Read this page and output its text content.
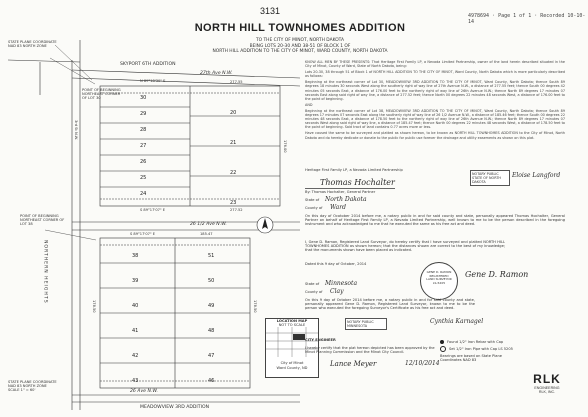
3131	4978694 · Page 1 of 1 · Recorded 10-10-14
NORTH HILL TOWNHOMES ADDITION
TO THE CITY OF MINOT, NORTH DAKOTA
BEING LOTS 20-30 AND 38-51 OF BLOCK 1 OF
NORTH HILL ADDITION TO THE CITY OF MINOT, WARD COUNTY, NORTH DAKOTA
STATE PLANE COORDINATE
NAD 83 NORTH ZONE
SKYPORT 6TH ADDITION
27th Ave N.W.
26 1/2 Ave N.W.
26 Ave N.W.
MEADOWVIEW 3RD ADDITION
NORTHERN HEIGHTS
3rd St N.W.
POINT OF BEGINNING
NORTHEAST CORNER OF LOT 30
POINT OF BEGINNING
NORTHEAST CORNER OF LOT 38
STATE PLANE COORDINATE
NAD 83 NORTH ZONE
SCALE 1" = 60'
N 89°18'30" E	277.55
S 89°17'07" E	277.52
S 89°17'07" E	185.47
176.00
178.50	178.50
30
29
28
27
26
25
24
20
21
22
23
38
39
40
41
42
43
51
50
49
48
47
46
LOCATION MAP
NOT TO SCALE
City of Minot
Ward County, ND

KNOW ALL MEN BY THESE PRESENTS: That Heritage First Family LP, a Nevada Limited Partnership, owner of the land herein described situated in the City of Minot, County of Ward, State of North Dakota, being:

Lots 20-30, 38 through 51 of Block 1 of NORTH HILL ADDITION TO THE CITY OF MINOT, Ward County, North Dakota which is more particularly described as follows:

Beginning at the northeast corner of Lot 30, MEADOWVIEW 3RD ADDITION TO THE CITY OF MINOT, Ward County, North Dakota; thence South 89 degrees 18 minutes 30 seconds West along the southerly right of way line of 27th Avenue N.W., a distance of 277.55 feet; thence South 00 degrees 42 minutes 05 seconds East, a distance of 176.00 feet to the northerly right of way line of 26th Avenue N.W.; thence North 89 degrees 17 minutes 07 seconds East along said right of way line, a distance of 277.52 feet; thence North 00 degrees 22 minutes 48 seconds West, a distance of 176.00 feet to the point of beginning.

AND

Beginning at the northeast corner of Lot 38, MEADOWVIEW 3RD ADDITION TO THE CITY OF MINOT, Ward County, North Dakota; thence South 89 degrees 17 minutes 07 seconds East along the southerly right of way line of 26 1/2 Avenue N.W., a distance of 185.46 feet; thence South 00 degrees 22 minutes 48 seconds East, a distance of 178.50 feet to the northerly right of way line of 26th Avenue N.W.; thence North 89 degrees 17 minutes 07 seconds West along said right of way line, a distance of 185.47 feet; thence North 00 degrees 22 minutes 48 seconds West, a distance of 178.50 feet to the point of beginning. Said tract of land contains 0.77 acres more or less.

Have caused the same to be surveyed and platted as shown hereon, to be known as NORTH HILL TOWNHOMES ADDITION to the City of Minot, North Dakota and do hereby dedicate or donate to the public for public use forever the drainage and utility easements as shown on this plat.

Heritage First Family LP, a Nevada Limited Partnership
Thomas Hochalter
By: Thomas Hochalter, General Partner
State of North Dakota
County of Ward
NOTARY PUBLIC
STATE OF NORTH DAKOTA
Eloise Langford
On this day of Ocotober 2014 before me, a notary public in and for said county and state, personally appeared Thomas Hochalter, General Partner on behalf of Heritage First Family LP, a Nevada Limited Partnership, well known to me to be the person described in the foregoing instrument and who acknowledged to me that he executed the same as his free act and deed.
I, Gene D. Ramon, Registered Land Surveyor, do hereby certify that I have surveyed and platted NORTH HILL TOWNHOMES ADDITION as shown hereon; that the distances shown are correct to the best of my knowledge; that the monuments shown have been placed as indicated.
Dated this 9 day of October, 2014
GENE D. RAMON
REGISTERED
LAND SURVEYOR
LS-5205
Gene D. Ramon
State of Minnesota
County of Clay
On this 9 day of October 2014 before me, a notary public in and for said county and state, personally appeared Gene D. Ramon, Registered Land Surveyor, known to me to be the person who executed the foregoing Surveyor's Certificate as his free act and deed.
NOTARY PUBLIC
MINNESOTA
Cynthia Karnagel
CITY ENGINEER
I hereby certify that the plat hereon depicted has been approved by the Minot Planning Commission and the Minot City Council.
Lance Meyer	12/10/2014
Found 1/2" Iron Rebar with Cap
Set 1/2" Iron Pipe with Cap LS 5205
Bearings are based on State Plane Coordinates NAD 83
RLK
ENGINEERING
RLK, INC.
